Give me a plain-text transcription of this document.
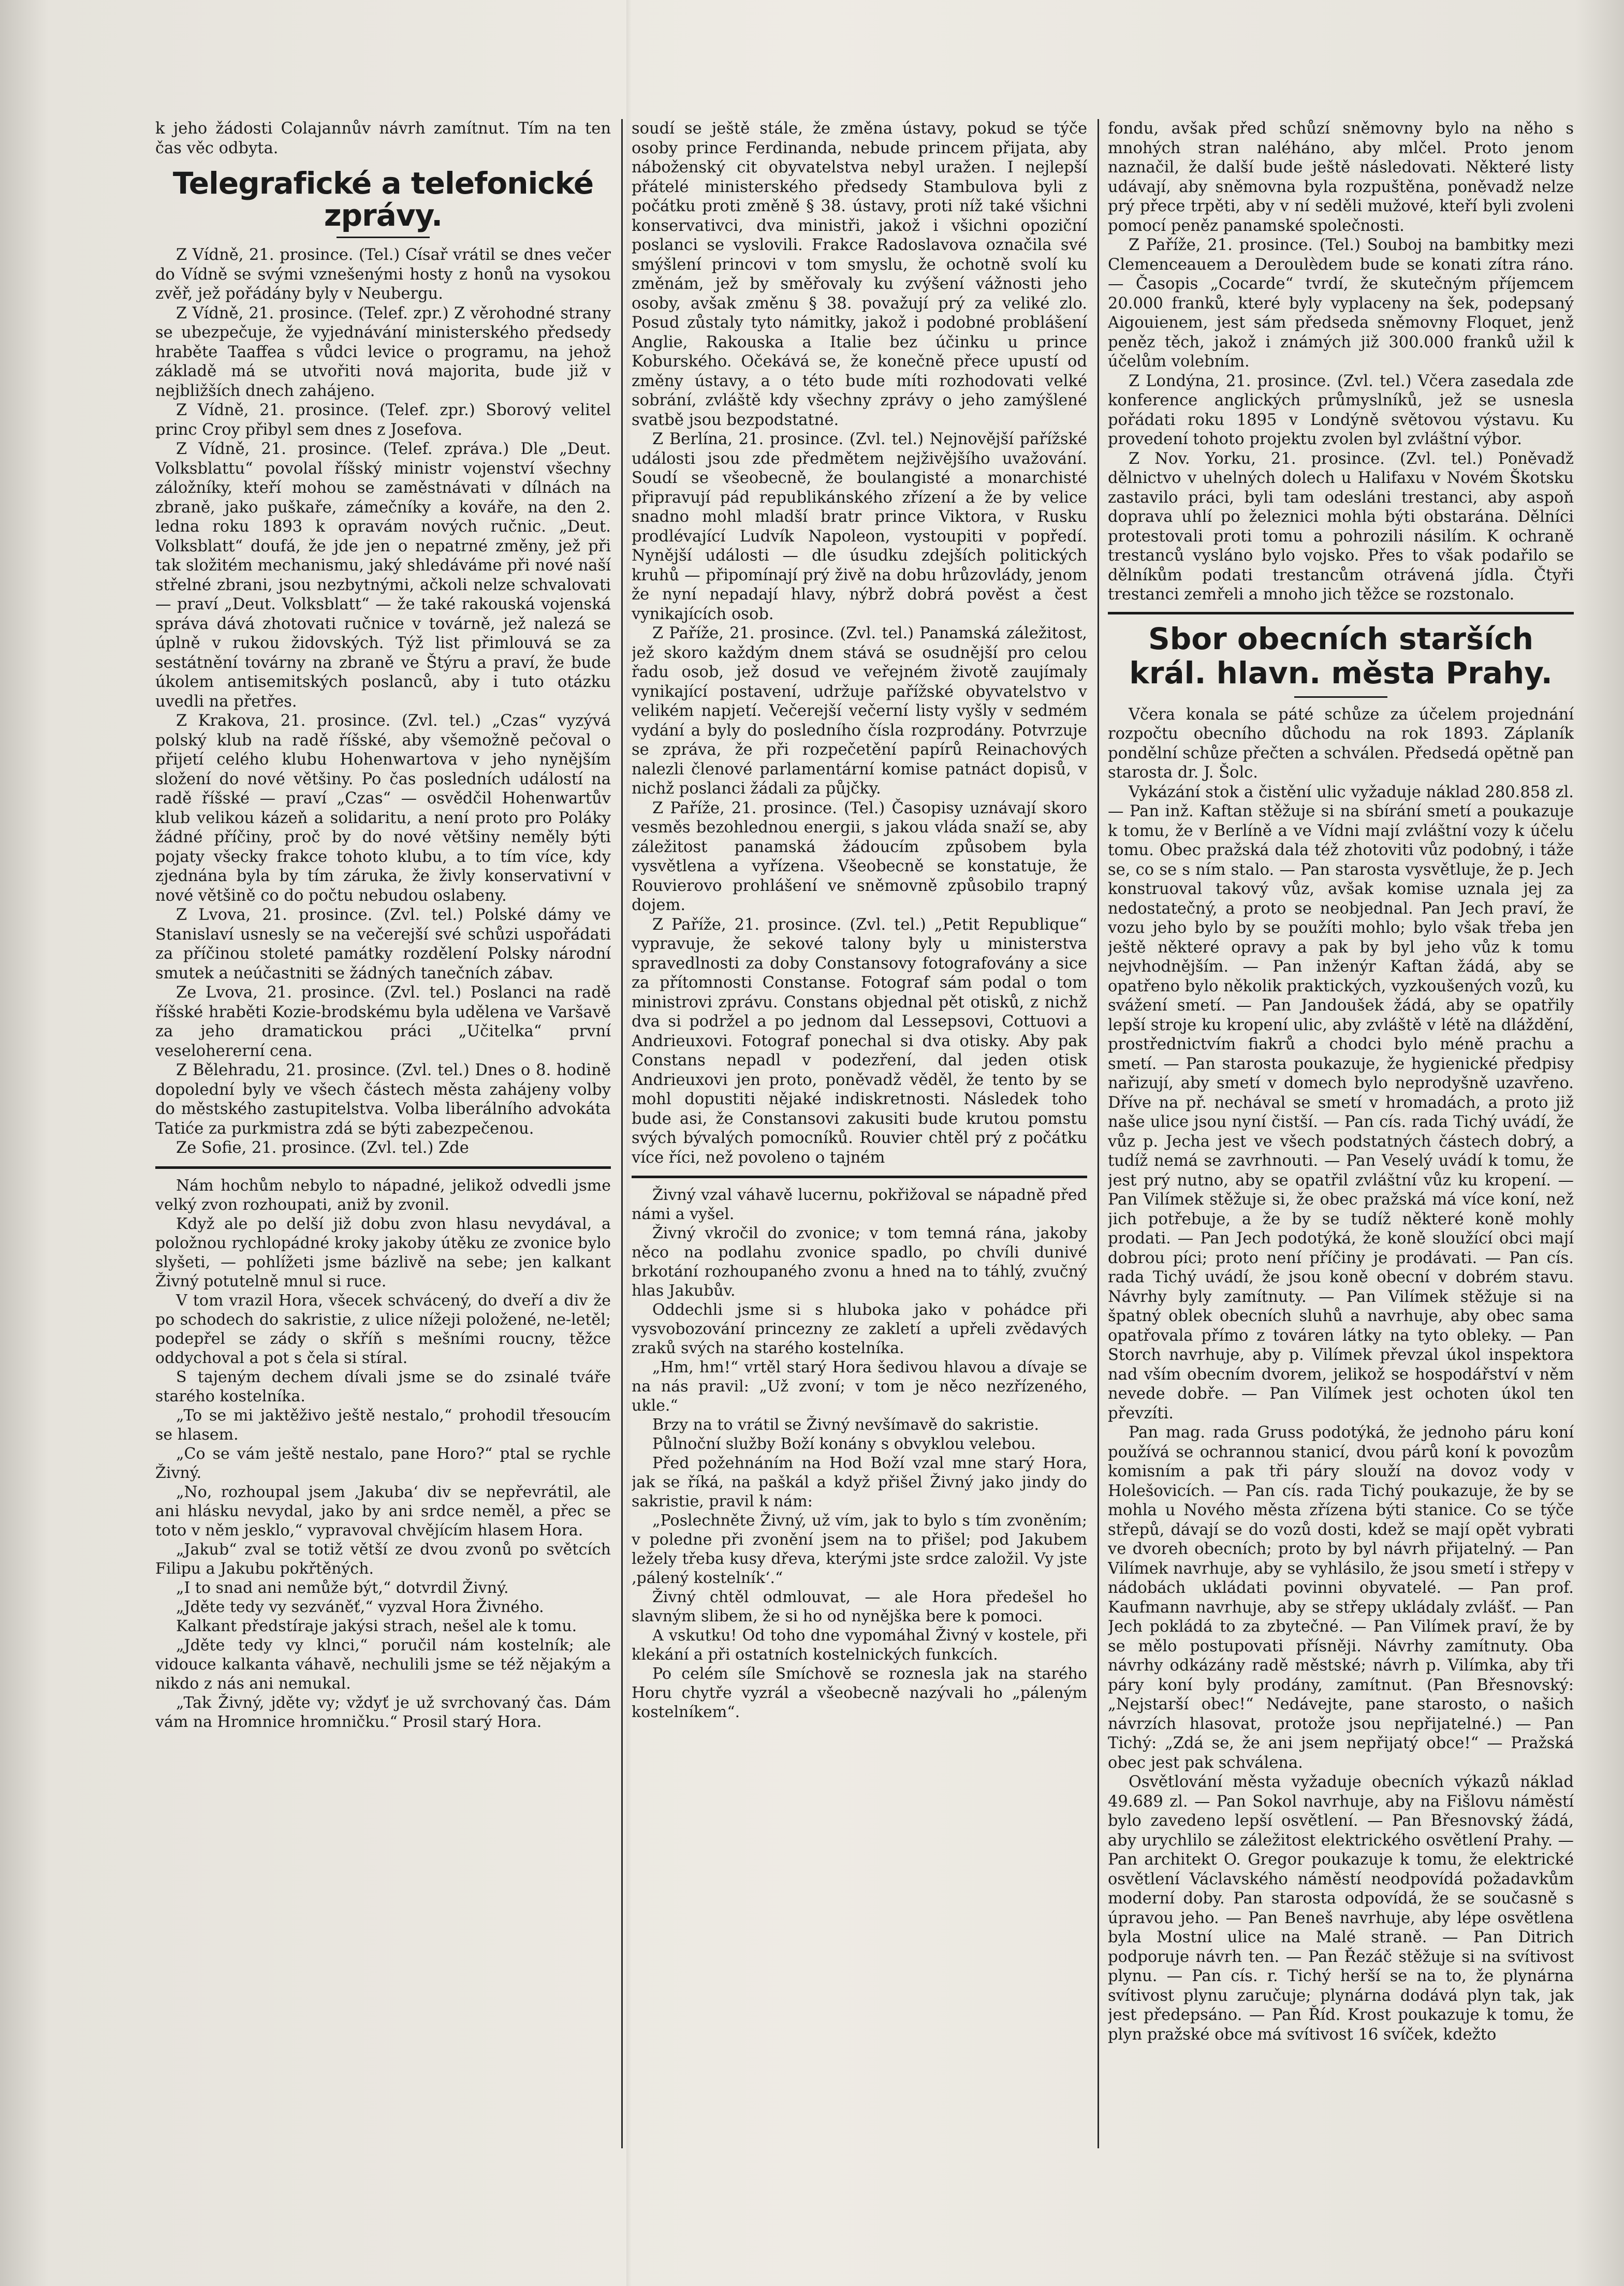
k jeho žádosti Colajannův návrh zamítnut. Tím na ten čas věc odbyta.

Telegrafické a telefonické zprávy.

Z Vídně, 21. prosince. (Tel.) Císař vrátil se dnes večer do Vídně se svými vznešenými hosty z honů na vysokou zvěř, jež pořádány byly v Neubergu.

Z Vídně, 21. prosince. (Telef. zpr.) Z věrohodné strany se ubezpečuje, že vyjednávání ministerského předsedy hraběte Taaffea s vůdci levice o programu, na jehož základě má se utvořiti nová majorita, bude již v nejbližších dnech zahájeno.

Z Vídně, 21. prosince. (Telef. zpr.) Sborový velitel princ Croy přibyl sem dnes z Josefova.

Z Vídně, 21. prosince. (Telef. zpráva.) Dle „Deut. Volksblattu“ povolal říšský ministr vojenství všechny záložníky, kteří mohou se zaměstnávati v dílnách na zbraně, jako puškaře, zámečníky a kováře, na den 2. ledna roku 1893 k opravám nových ručnic. „Deut. Volksblatt“ doufá, že jde jen o nepatrné změny, jež při tak složitém mechanismu, jaký shledáváme při nové naší střelné zbrani, jsou nezbytnými, ačkoli nelze schvalovati — praví „Deut. Volksblatt“ — že také rakouská vojenská správa dává zhotovati ručnice v továrně, jež nalezá se úplně v rukou židovských. Týž list přimlouvá se za sestátnění továrny na zbraně ve Štýru a praví, že bude úkolem antisemitských poslanců, aby i tuto otázku uvedli na přetřes.

Z Krakova, 21. prosince. (Zvl. tel.) „Czas“ vyzývá polský klub na radě říšské, aby všemožně pečoval o přijetí celého klubu Hohenwartova v jeho nynějším složení do nové většiny. Po čas posledních událostí na radě říšské — praví „Czas“ — osvědčil Hohenwartův klub velikou kázeň a solidaritu, a není proto pro Poláky žádné příčiny, proč by do nové většiny neměly býti pojaty všecky frakce tohoto klubu, a to tím více, kdy zjednána byla by tím záruka, že živly konservativní v nové většině co do počtu nebudou oslabeny.

Z Lvova, 21. prosince. (Zvl. tel.) Polské dámy ve Stanislaví usnesly se na večerejší své schůzi uspořádati za příčinou stoleté památky rozdělení Polsky národní smutek a neúčastniti se žádných tanečních zábav.

Ze Lvova, 21. prosince. (Zvl. tel.) Poslanci na radě říšské hraběti Kozie-brodskému byla udělena ve Varšavě za jeho dramatickou práci „Učitelka“ první veselohererní cena.

Z Bělehradu, 21. prosince. (Zvl. tel.) Dnes o 8. hodině dopolední byly ve všech částech města zahájeny volby do městského zastupitelstva. Volba liberálního advokáta Tatiće za purkmistra zdá se býti zabezpečenou.

Ze Sofie, 21. prosince. (Zvl. tel.) Zde

Nám hochům nebylo to nápadné, jelikož odvedli jsme velký zvon rozhoupati, aniž by zvonil.

Když ale po delší již dobu zvon hlasu nevydával, a položnou rychlopádné kroky jakoby útěku ze zvonice bylo slyšeti, — pohlížeti jsme bázlivě na sebe; jen kalkant Živný potutelně mnul si ruce.

V tom vrazil Hora, všecek schvácený, do dveří a div že po schodech do sakristie, z ulice nížeji položené, ne-letěl; podepřel se zády o skříň s mešními roucny, těžce oddychoval a pot s čela si stíral.

S tajeným dechem dívali jsme se do zsinalé tváře starého kostelníka.

„To se mi jaktěživo ještě nestalo,“ prohodil třesoucím se hlasem.

„Co se vám ještě nestalo, pane Horo?“ ptal se rychle Živný.

„No, rozhoupal jsem ‚Jakuba‘ div se nepřevrátil, ale ani hlásku nevydal, jako by ani srdce neměl, a přec se toto v něm jesklo,“ vypravoval chvějícím hlasem Hora.

„Jakub“ zval se totiž větší ze dvou zvonů po světcích Filipu a Jakubu pokřtěných.

„I to snad ani nemůže být,“ dotvrdil Živný.

„Jděte tedy vy sezváněť,“ vyzval Hora Živného.

Kalkant předstíraje jakýsi strach, nešel ale k tomu.

„Jděte tedy vy klnci,“ poručil nám kostelník; ale vidouce kalkanta váhavě, nechulili jsme se též nějakým a nikdo z nás ani nemukal.

„Tak Živný, jděte vy; vždyť je už svrchovaný čas. Dám vám na Hromnice hromničku.“ Prosil starý Hora.

soudí se ještě stále, že změna ústavy, pokud se týče osoby prince Ferdinanda, nebude princem přijata, aby náboženský cit obyvatelstva nebyl uražen. I nejlepší přátelé ministerského předsedy Stambulova byli z počátku proti změně § 38. ústavy, proti níž také všichni konservativci, dva ministři, jakož i všichni opoziční poslanci se vyslovili. Frakce Radoslavova označila své smýšlení princovi v tom smyslu, že ochotně svolí ku změnám, jež by směřovaly ku zvýšení vážnosti jeho osoby, avšak změnu § 38. považují prý za veliké zlo. Posud zůstaly tyto námitky, jakož i podobné problášení Anglie, Rakouska a Italie bez účinku u prince Koburského. Očekává se, že konečně přece upustí od změny ústavy, a o této bude míti rozhodovati velké sobrání, zvláště kdy všechny zprávy o jeho zamýšlené svatbě jsou bezpodstatné.

Z Berlína, 21. prosince. (Zvl. tel.) Nejnovější pařížské události jsou zde předmětem nejživějšího uvažování. Soudí se všeobecně, že boulangisté a monarchisté připravují pád republikánského zřízení a že by velice snadno mohl mladší bratr prince Viktora, v Rusku prodlévající Ludvík Napoleon, vystoupiti v popředí. Nynější události — dle úsudku zdejších politických kruhů — připomínají prý živě na dobu hrůzovlády, jenom že nyní nepadají hlavy, nýbrž dobrá pověst a čest vynikajících osob.

Z Paříže, 21. prosince. (Zvl. tel.) Panamská záležitost, jež skoro každým dnem stává se osudnější pro celou řadu osob, jež dosud ve veřejném životě zaujímaly vynikající postavení, udržuje pařížské obyvatelstvo v velikém napjetí. Večerejší večerní listy vyšly v sedmém vydání a byly do posledního čísla rozprodány. Potvrzuje se zpráva, že při rozpečetění papírů Reinachových nalezli členové parlamentární komise patnáct dopisů, v nichž poslanci žádali za půjčky.

Z Paříže, 21. prosince. (Tel.) Časopisy uznávají skoro vesměs bezohlednou energii, s jakou vláda snaží se, aby záležitost panamská žádoucím způsobem byla vysvětlena a vyřízena. Všeobecně se konstatuje, že Rouvierovo prohlášení ve sněmovně způsobilo trapný dojem.

Z Paříže, 21. prosince. (Zvl. tel.) „Petit Republique“ vypravuje, že sekové talony byly u ministerstva spravedlnosti za doby Constansovy fotografovány a sice za přítomnosti Constanse. Fotograf sám podal o tom ministrovi zprávu. Constans objednal pět otisků, z nichž dva si podržel a po jednom dal Lessepsovi, Cottuovi a Andrieuxovi. Fotograf ponechal si dva otisky. Aby pak Constans nepadl v podezření, dal jeden otisk Andrieuxovi jen proto, poněvadž věděl, že tento by se mohl dopustiti nějaké indiskretnosti. Následek toho bude asi, že Constansovi zakusiti bude krutou pomstu svých bývalých pomocníků. Rouvier chtěl prý z počátku více říci, než povoleno o tajném

Živný vzal váhavě lucernu, pokřižoval se nápadně před námi a vyšel.

Živný vkročil do zvonice; v tom temná rána, jakoby něco na podlahu zvonice spadlo, po chvíli dunivé brkotání rozhoupaného zvonu a hned na to táhlý, zvučný hlas Jakubův.

Oddechli jsme si s hluboka jako v pohádce při vysvobozování princezny ze zakletí a upřeli zvědavých zraků svých na starého kostelníka.

„Hm, hm!“ vrtěl starý Hora šedivou hlavou a dívaje se na nás pravil: „Už zvoní; v tom je něco nezřízeného, ukle.“

Brzy na to vrátil se Živný nevšímavě do sakristie.

Půlnoční služby Boží konány s obvyklou velebou.

Před požehnáním na Hod Boží vzal mne starý Hora, jak se říká, na paškál a když přišel Živný jako jindy do sakristie, pravil k nám:

„Poslechněte Živný, už vím, jak to bylo s tím zvoněním; v poledne při zvonění jsem na to přišel; pod Jakubem ležely třeba kusy dřeva, kterými jste srdce založil. Vy jste ‚pálený kostelník‘.“

Živný chtěl odmlouvat, — ale Hora předešel ho slavným slibem, že si ho od nynějška bere k pomoci.

A vskutku! Od toho dne vypomáhal Živný v kostele, při klekání a při ostatních kostelnických funkcích.

Po celém síle Smíchově se roznesla jak na starého Horu chytře vyzrál a všeobecně nazývali ho „páleným kostelníkem“.

fondu, avšak před schůzí sněmovny bylo na něho s mnohých stran naléháno, aby mlčel. Proto jenom naznačil, že další bude ještě následovati. Některé listy udávají, aby sněmovna byla rozpuštěna, poněvadž nelze prý přece trpěti, aby v ní seděli mužové, kteří byli zvoleni pomocí peněz panamské společnosti.

Z Paříže, 21. prosince. (Tel.) Souboj na bambitky mezi Clemenceauem a Deroulèdem bude se konati zítra ráno. — Časopis „Cocarde“ tvrdí, že skutečným příjemcem 20.000 franků, které byly vyplaceny na šek, podepsaný Aigouienem, jest sám předseda sněmovny Floquet, jenž peněz těch, jakož i známých již 300.000 franků užil k účelům volebním.

Z Londýna, 21. prosince. (Zvl. tel.) Včera zasedala zde konference anglických průmyslníků, jež se usnesla pořádati roku 1895 v Londýně světovou výstavu. Ku provedení tohoto projektu zvolen byl zvláštní výbor.

Z Nov. Yorku, 21. prosince. (Zvl. tel.) Poněvadž dělnictvo v uhelných dolech u Halifaxu v Novém Škotsku zastavilo práci, byli tam odesláni trestanci, aby aspoň doprava uhlí po železnici mohla býti obstarána. Dělníci protestovali proti tomu a pohrozili násilím. K ochraně trestanců vysláno bylo vojsko. Přes to však podařilo se dělníkům podati trestancům otrávená jídla. Čtyři trestanci zemřeli a mnoho jich těžce se rozstonalo.

Sbor obecních starších král. hlavn. města Prahy.

Včera konala se páté schůze za účelem projednání rozpočtu obecního důchodu na rok 1893. Záplaník pondělní schůze přečten a schválen. Předsedá opětně pan starosta dr. J. Šolc.

Vykázání stok a čistění ulic vyžaduje náklad 280.858 zl. — Pan inž. Kaftan stěžuje si na sbírání smetí a poukazuje k tomu, že v Berlíně a ve Vídni mají zvláštní vozy k účelu tomu. Obec pražská dala též zhotoviti vůz podobný, i táže se, co se s ním stalo. — Pan starosta vysvětluje, že p. Jech konstruoval takový vůz, avšak komise uznala jej za nedostatečný, a proto se neobjednal. Pan Jech praví, že vozu jeho bylo by se použíti mohlo; bylo však třeba jen ještě některé opravy a pak by byl jeho vůz k tomu nejvhodnějším. — Pan inženýr Kaftan žádá, aby se opatřeno bylo několik praktických, vyzkoušených vozů, ku svážení smetí. — Pan Jandoušek žádá, aby se opatřily lepší stroje ku kropení ulic, aby zvláště v létě na dláždění, prostřednictvím fiakrů a chodci bylo méně prachu a smetí. — Pan starosta poukazuje, že hygienické předpisy nařizují, aby smetí v domech bylo neprodyšně uzavřeno. Dříve na př. nechával se smetí v hromadách, a proto již naše ulice jsou nyní čistší. — Pan cís. rada Tichý uvádí, že vůz p. Jecha jest ve všech podstatných částech dobrý, a tudíž nemá se zavrhnouti. — Pan Veselý uvádí k tomu, že jest prý nutno, aby se opatřil zvláštní vůz ku kropení. — Pan Vilímek stěžuje si, že obec pražská má více koní, než jich potřebuje, a že by se tudíž některé koně mohly prodati. — Pan Jech podotýká, že koně sloužící obci mají dobrou píci; proto není příčiny je prodávati. — Pan cís. rada Tichý uvádí, že jsou koně obecní v dobrém stavu. Návrhy byly zamítnuty. — Pan Vilímek stěžuje si na špatný oblek obecních sluhů a navrhuje, aby obec sama opatřovala přímo z továren látky na tyto obleky. — Pan Storch navrhuje, aby p. Vilímek převzal úkol inspektora nad vším obecním dvorem, jelikož se hospodářství v něm nevede dobře. — Pan Vilímek jest ochoten úkol ten převzíti.

Pan mag. rada Gruss podotýká, že jednoho páru koní používá se ochrannou stanicí, dvou párů koní k povozům komisním a pak tři páry slouží na dovoz vody v Holešovicích. — Pan cís. rada Tichý poukazuje, že by se mohla u Nového města zřízena býti stanice. Co se týče střepů, dávají se do vozů dosti, kdež se mají opět vybrati ve dvoreh obecních; proto by byl návrh přijatelný. — Pan Vilímek navrhuje, aby se vyhlásilo, že jsou smetí i střepy v nádobách ukládati povinni obyvatelé. — Pan prof. Kaufmann navrhuje, aby se střepy ukládaly zvlášť. — Pan Jech pokládá to za zbytečné. — Pan Vilímek praví, že by se mělo postupovati přísněji. Návrhy zamítnuty. Oba návrhy odkázány radě městské; návrh p. Vilímka, aby tři páry koní byly prodány, zamítnut. (Pan Břesnovský: „Nejstarší obec!“ Nedávejte, pane starosto, o našich návrzích hlasovat, protože jsou nepřijatelné.) — Pan Tichý: „Zdá se, že ani jsem nepřijatý obce!“ — Pražská obec jest pak schválena.

Osvětlování města vyžaduje obecních výkazů náklad 49.689 zl. — Pan Sokol navrhuje, aby na Fišlovu náměstí bylo zavedeno lepší osvětlení. — Pan Břesnovský žádá, aby urychlilo se záležitost elektrického osvětlení Prahy. — Pan architekt O. Gregor poukazuje k tomu, že elektrické osvětlení Václavského náměstí neodpovídá požadavkům moderní doby. Pan starosta odpovídá, že se současně s úpravou jeho. — Pan Beneš navrhuje, aby lépe osvětlena byla Mostní ulice na Malé straně. — Pan Ditrich podporuje návrh ten. — Pan Řezáč stěžuje si na svítivost plynu. — Pan cís. r. Tichý herší se na to, že plynárna svítivost plynu zaručuje; plynárna dodává plyn tak, jak jest předepsáno. — Pan Říd. Krost poukazuje k tomu, že plyn pražské obce má svítivost 16 svíček, kdežto
